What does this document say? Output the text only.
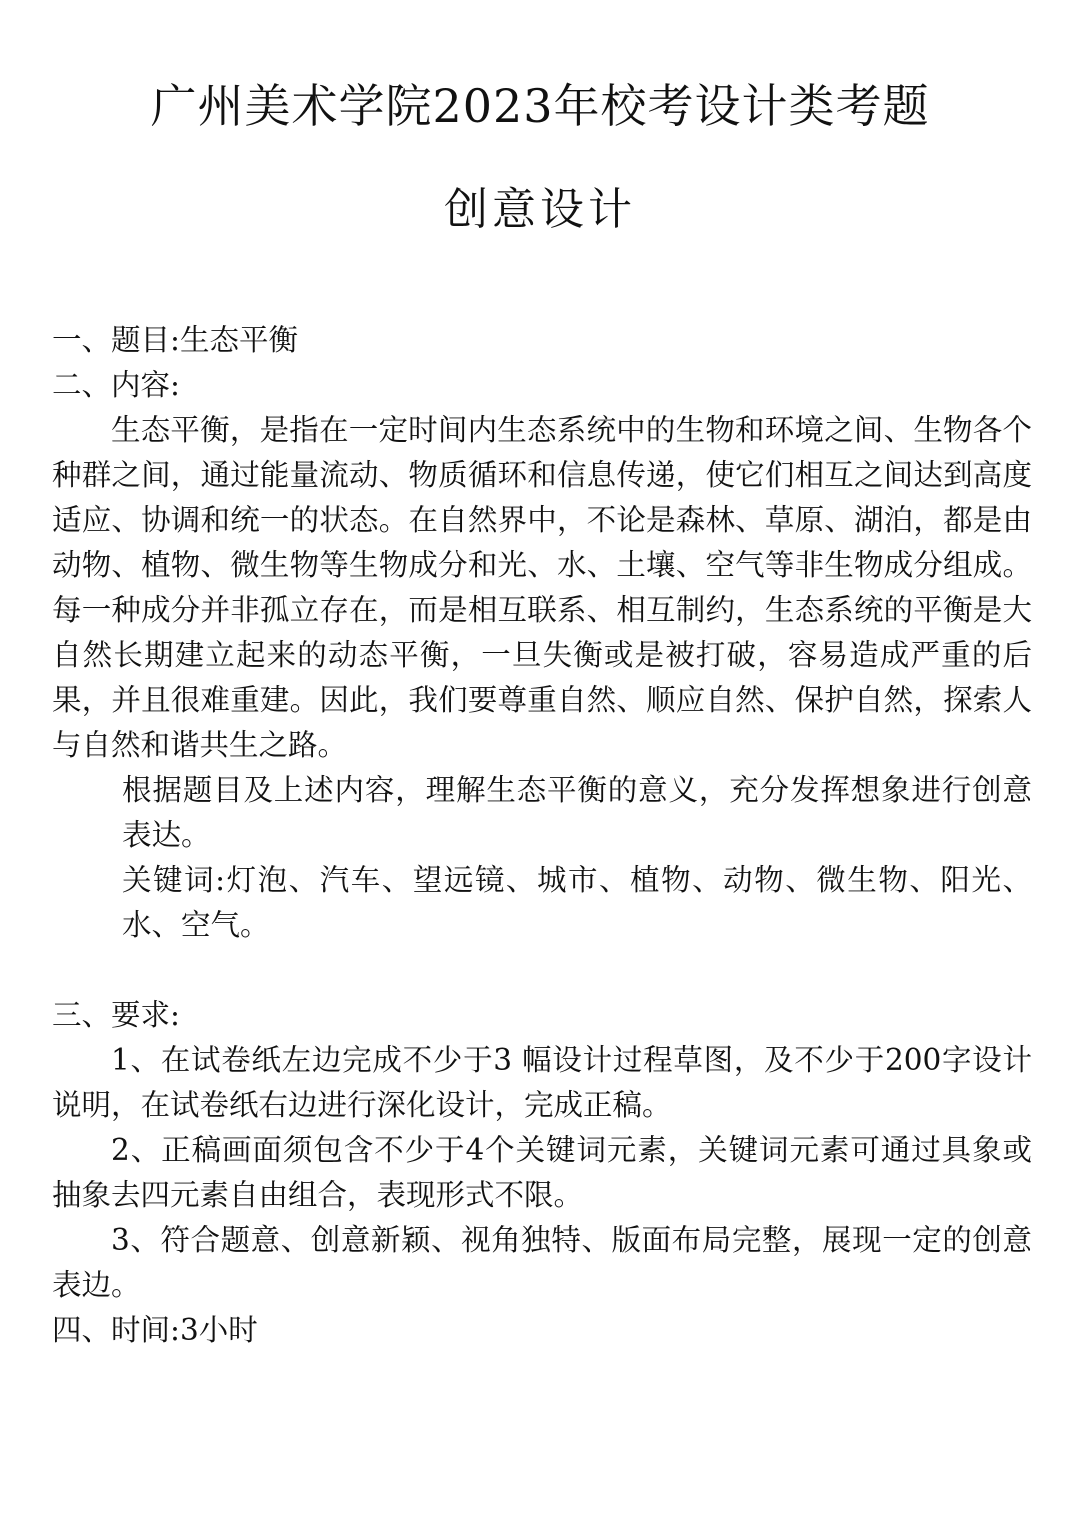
广州美术学院2023年校考设计类考题
创意设计
一、题目:生态平衡
二、内容:
生态平衡，是指在一定时间内生态系统中的生物和环境之间、生物各个种群之间，通过能量流动、物质循环和信息传递，使它们相互之间达到高度适应、协调和统一的状态。在自然界中，不论是森林、草原、湖泊，都是由动物、植物、微生物等生物成分和光、水、土壤、空气等非生物成分组成。每一种成分并非孤立存在，而是相互联系、相互制约，生态系统的平衡是大自然长期建立起来的动态平衡，一旦失衡或是被打破，容易造成严重的后果，并且很难重建。因此，我们要尊重自然、顺应自然、保护自然，探索人与自然和谐共生之路。
根据题目及上述内容，理解生态平衡的意义，充分发挥想象进行创意表达。
关键词:灯泡、汽车、望远镜、城市、植物、动物、微生物、阳光、水、空气。
三、要求:
1、在试卷纸左边完成不少于3 幅设计过程草图，及不少于200字设计说明，在试卷纸右边进行深化设计，完成正稿。
2、正稿画面须包含不少于4个关键词元素，关键词元素可通过具象或抽象去四元素自由组合，表现形式不限。
3、符合题意、创意新颖、视角独特、版面布局完整，展现一定的创意表边。
四、时间:3小时
